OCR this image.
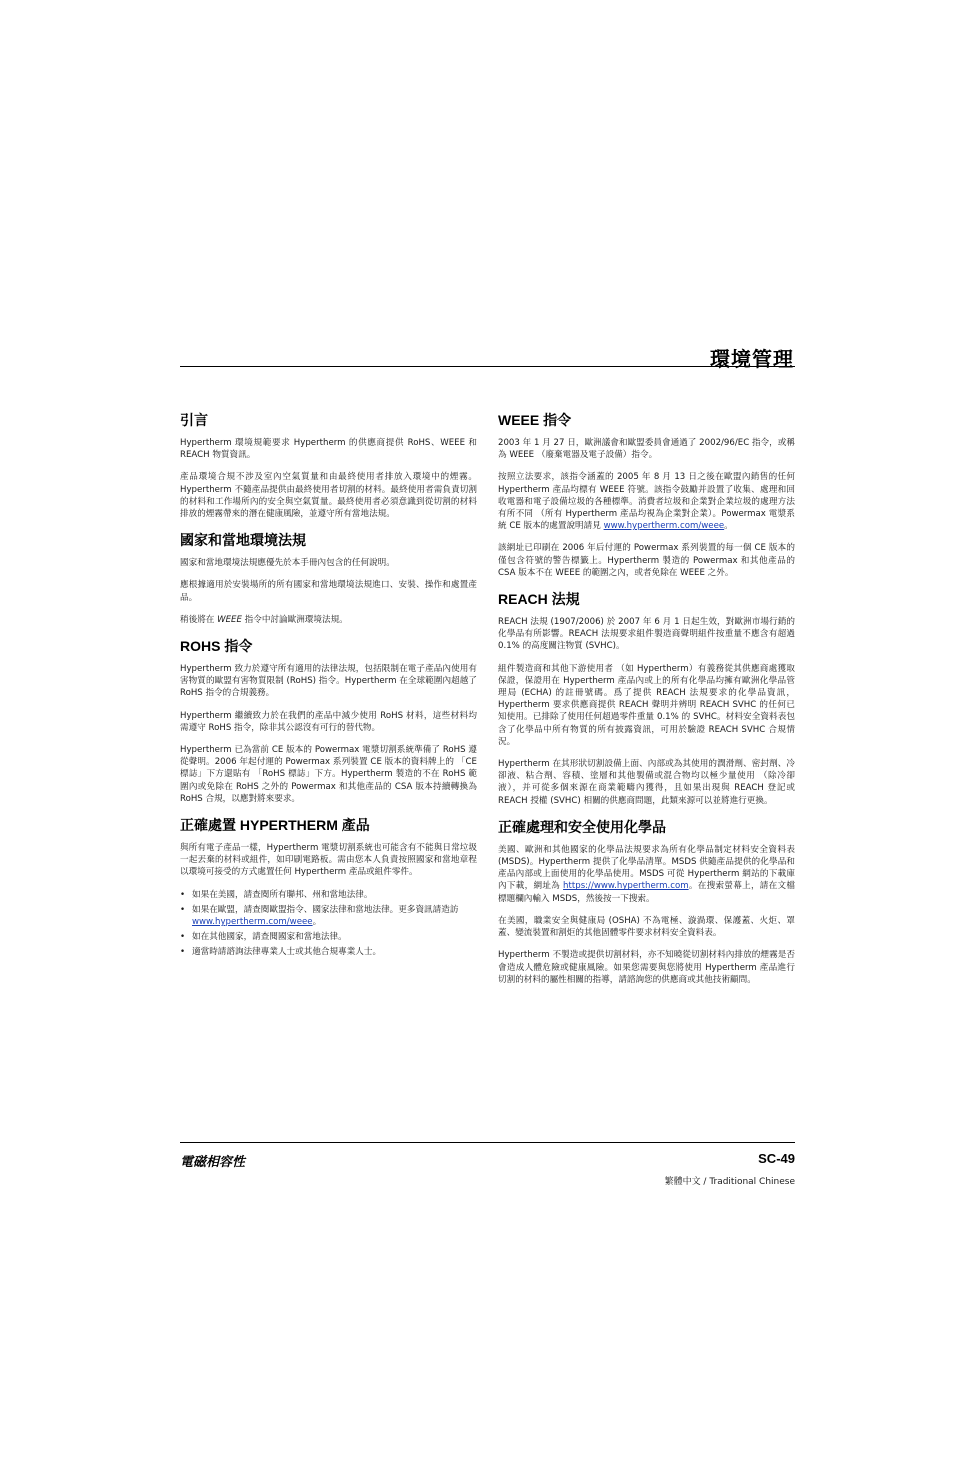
環境管理
引言

Hypertherm 環境規範要求 Hypertherm 的供應商提供 RoHS、WEEE 和 REACH 物質資訊。

產品環境合規不涉及室內空氣質量和由最終使用者排放入環境中的煙霧。Hypertherm 不隨產品提供由最終使用者切割的材料。最終使用者需負責切割的材料和工作場所內的安全與空氣質量。最終使用者必須意識到從切割的材料排放的煙霧帶來的潛在健康風險，並遵守所有當地法規。

國家和當地環境法規

國家和當地環境法規應優先於本手冊內包含的任何說明。

應根據適用於安裝場所的所有國家和當地環境法規進口、安裝、操作和處置產品。

稍後將在 WEEE 指令中討論歐洲環境法規。

ROHS 指令

Hypertherm 致力於遵守所有適用的法律法規，包括限制在電子產品內使用有害物質的歐盟有害物質限制 (RoHS) 指令。Hypertherm 在全球範圍內超越了 RoHS 指令的合規義務。

Hypertherm 繼續致力於在我們的產品中減少使用 RoHS 材料，這些材料均需遵守 RoHS 指令，除非其公認沒有可行的替代物。

Hypertherm 已為當前 CE 版本的 Powermax 電漿切割系統準備了 RoHS 遵從聲明。2006 年起付運的 Powermax 系列裝置 CE 版本的資料牌上的 「CE 標誌」下方還貼有 「RoHS 標誌」下方。Hypertherm 製造的不在 RoHS 範圍內或免除在 RoHS 之外的 Powermax 和其他產品的 CSA 版本持續轉換為 RoHS 合規，以應對將來要求。

正確處置 HYPERTHERM 產品

與所有電子產品一樣，Hypertherm 電漿切割系統也可能含有不能與日常垃圾一起丟棄的材料或組件，如印刷電路板。需由您本人負責按照國家和當地章程以環境可接受的方式處置任何 Hypertherm 產品或組件零件。

• 如果在美國，請查閱所有聯邦、州和當地法律。
• 如果在歐盟，請查閱歐盟指令、國家法律和當地法律。更多資訊請造訪 www.hypertherm.com/weee。
• 如在其他國家，請查閱國家和當地法律。
• 適當時請諮詢法律專業人士或其他合規專業人士。
WEEE 指令

2003 年 1 月 27 日，歐洲議會和歐盟委員會通過了 2002/96/EC 指令，或稱為 WEEE （廢棄電器及電子設備）指令。

按照立法要求，該指令涵蓋的 2005 年 8 月 13 日之後在歐盟內銷售的任何 Hypertherm 產品均標有 WEEE 符號。該指令鼓勵并設置了收集、處理和回收電器和電子設備垃圾的各種標準。消費者垃圾和企業對企業垃圾的處理方法有所不同 （所有 Hypertherm 產品均視為企業對企業）。Powermax 電漿系統 CE 版本的處置說明請見 www.hypertherm.com/weee。

該網址已印刷在 2006 年后付運的 Powermax 系列裝置的每一個 CE 版本的僅包含符號的警告標籤上。Hypertherm 製造的 Powermax 和其他產品的 CSA 版本不在 WEEE 的範圍之內，或者免除在 WEEE 之外。

REACH 法規

REACH 法規 (1907/2006) 於 2007 年 6 月 1 日起生效，對歐洲市場行銷的化學品有所影響。REACH 法規要求組件製造商聲明組件按重量不應含有超過 0.1% 的高度關注物質 (SVHC)。

組件製造商和其他下游使用者 （如 Hypertherm）有義務從其供應商處獲取保證，保證用在 Hypertherm 產品內或上的所有化學品均擁有歐洲化學品管理局 (ECHA) 的註冊號碼。爲了提供 REACH 法規要求的化學品資訊，Hypertherm 要求供應商提供 REACH 聲明并辨明 REACH SVHC 的任何已知使用。已排除了使用任何超過零件重量 0.1% 的 SVHC。材料安全資料表包含了化學品中所有物質的所有披露資訊，可用於驗證 REACH SVHC 合規情況。

Hypertherm 在其形狀切割設備上面、內部或為其使用的潤滑劑、密封劑、冷卻液、粘合劑、容積、塗層和其他製備或混合物均以極少量使用 （除冷卻液），并可從多個來源在商業範疇內獲得，且如果出現與 REACH 登記或 REACH 授權 (SVHC) 相關的供應商問題，此類來源可以並將進行更換。

正確處理和安全使用化學品

美國、歐洲和其他國家的化學品法規要求為所有化學品制定材料安全資料表 (MSDS)。Hypertherm 提供了化學品清單。MSDS 供隨產品提供的化學品和產品內部或上面使用的化學品使用。MSDS 可從 Hypertherm 網站的下載庫內下載，網址為 https://www.hypertherm.com。在搜索螢幕上，請在文檔標題欄內輸入 MSDS，然後按一下搜索。

在美國，職業安全與健康局 (OSHA) 不為電極、漩渦環、保護蓋、火炬、罩蓋、變流裝置和割炬的其他固體零件要求材料安全資料表。

Hypertherm 不製造或提供切割材料，亦不知曉從切割材料內排放的煙霧是否會造成人體危險或健康風險。如果您需要與您將使用 Hypertherm 產品進行切割的材料的屬性相關的指導，請諮詢您的供應商或其他技術顧問。

電磁相容性	SC-49
繁體中文 / Traditional Chinese
